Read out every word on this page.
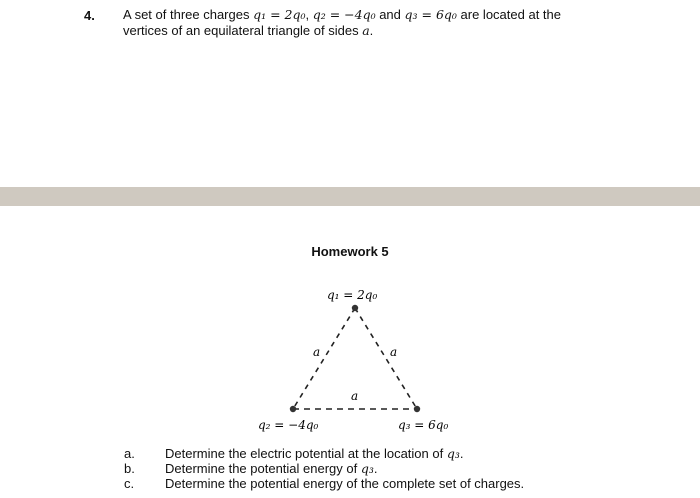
4. A set of three charges q₁ = 2q₀, q₂ = −4q₀ and q₃ = 6q₀ are located at the
vertices of an equilateral triangle of sides a.
Homework 5
q₁ = 2q₀
q₂ = −4q₀	q₃ = 6q₀
a	a
a
a.	Determine the electric potential at the location of q₃.
b.	Determine the potential energy of q₃.
c.	Determine the potential energy of the complete set of charges.
